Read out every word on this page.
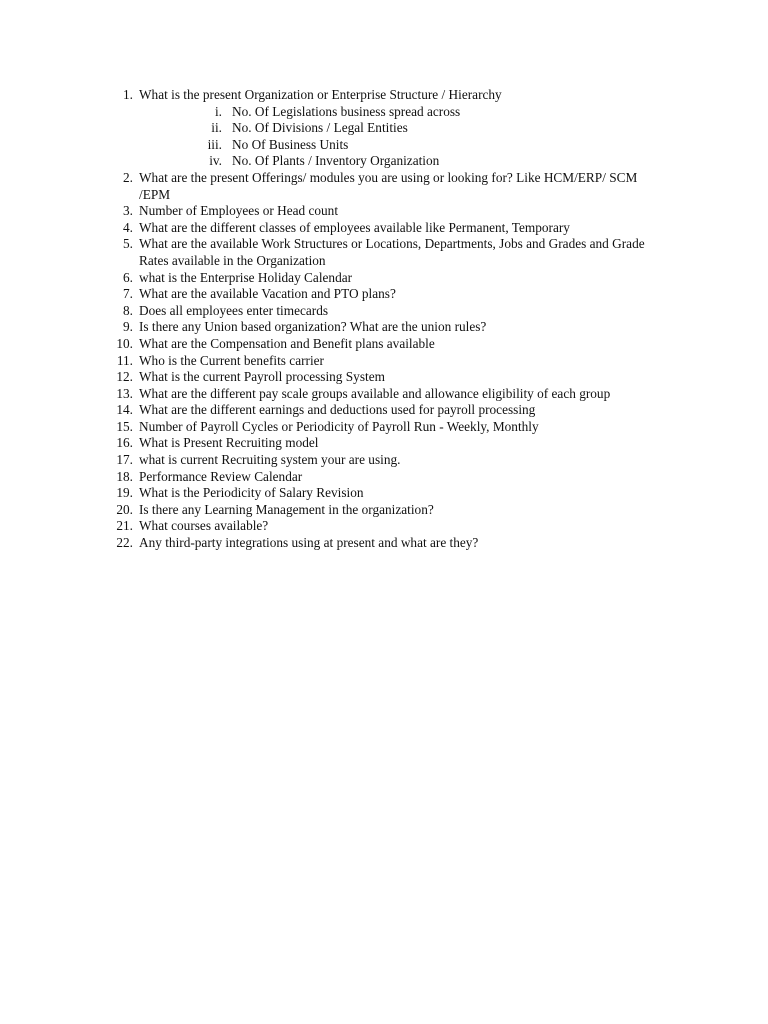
1. What is the present Organization or Enterprise Structure / Hierarchy
i. No. Of Legislations business spread across
ii. No. Of Divisions / Legal Entities
iii. No Of Business Units
iv. No. Of Plants / Inventory Organization
2. What are the present Offerings/ modules you are using or looking for? Like HCM/ERP/ SCM /EPM
3. Number of Employees or Head count
4. What are the different classes of employees available like Permanent, Temporary
5. What are the available Work Structures or Locations, Departments, Jobs and Grades and Grade Rates available in the Organization
6. what is the Enterprise Holiday Calendar
7. What are the available Vacation and PTO plans?
8. Does all employees enter timecards
9. Is there any Union based organization? What are the union rules?
10. What are the Compensation and Benefit plans available
11. Who is the Current benefits carrier
12. What is the current Payroll processing System
13. What are the different pay scale groups available and allowance eligibility of each group
14. What are the different earnings and deductions used for payroll processing
15. Number of Payroll Cycles or Periodicity of Payroll Run - Weekly, Monthly
16. What is Present Recruiting model
17. what is current Recruiting system your are using.
18. Performance Review Calendar
19. What is the Periodicity of Salary Revision
20. Is there any Learning Management in the organization?
21. What courses available?
22. Any third-party integrations using at present and what are they?
